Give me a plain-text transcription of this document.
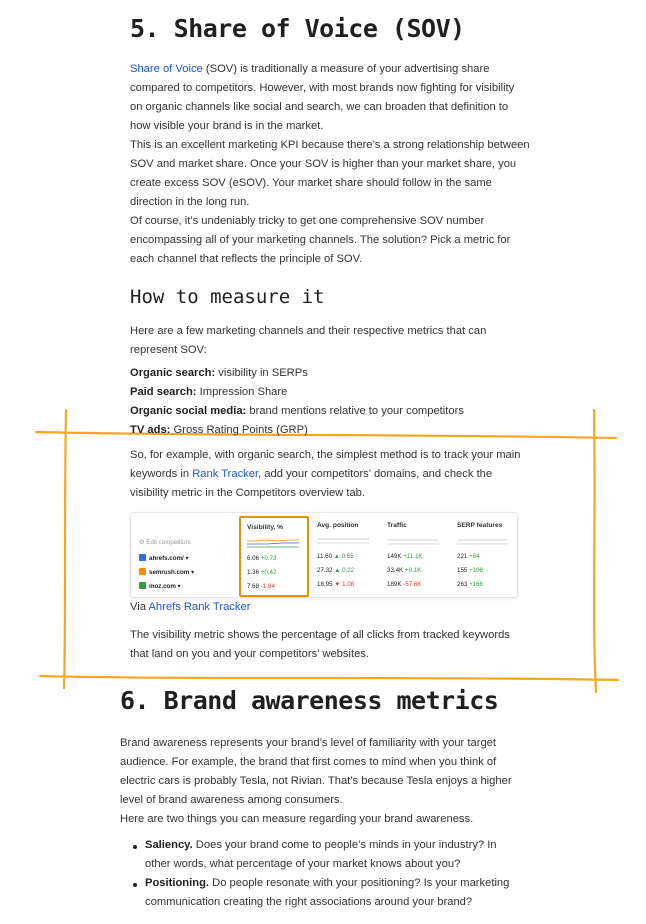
5. Share of Voice (SOV)
Share of Voice (SOV) is traditionally a measure of your advertising share
compared to competitors. However, with most brands now fighting for visibility
on organic channels like social and search, we can broaden that definition to
how visible your brand is in the market.
This is an excellent marketing KPI because there’s a strong relationship between
SOV and market share. Once your SOV is higher than your market share, you
create excess SOV (eSOV). Your market share should follow in the same
direction in the long run.
Of course, it’s undeniably tricky to get one comprehensive SOV number
encompassing all of your marketing channels. The solution? Pick a metric for
each channel that reflects the principle of SOV.
How to measure it
Here are a few marketing channels and their respective metrics that can
represent SOV:
Organic search: visibility in SERPs
Paid search: Impression Share
Organic social media: brand mentions relative to your competitors
TV ads: Gross Rating Points (GRP)
So, for example, with organic search, the simplest method is to track your main
keywords in Rank Tracker, add your competitors’ domains, and check the
visibility metric in the Competitors overview tab.
⚙ Edit competitors
ahrefs.com/ ▾
semrush.com ▾
moz.com ▾
Visibility, %
6.06 +0.73
1.36 +0.42
7.68 -1.84
Avg. position
11.60 ▲ 0.55
27.32 ▲ 0.22
18.95 ▼ 1.08
Traffic
149K +11.1K
33.4K +9.1K
189K -57.6K
SERP features
221 +84
155 +106
263 +166
Via Ahrefs Rank Tracker
The visibility metric shows the percentage of all clicks from tracked keywords
that land on you and your competitors’ websites.
6. Brand awareness metrics
Brand awareness represents your brand’s level of familiarity with your target
audience. For example, the brand that first comes to mind when you think of
electric cars is probably Tesla, not Rivian. That’s because Tesla enjoys a higher
level of brand awareness among consumers.
Here are two things you can measure regarding your brand awareness.
Saliency. Does your brand come to people’s minds in your industry? In
other words, what percentage of your market knows about you?
Positioning. Do people resonate with your positioning? Is your marketing
communication creating the right associations around your brand?
